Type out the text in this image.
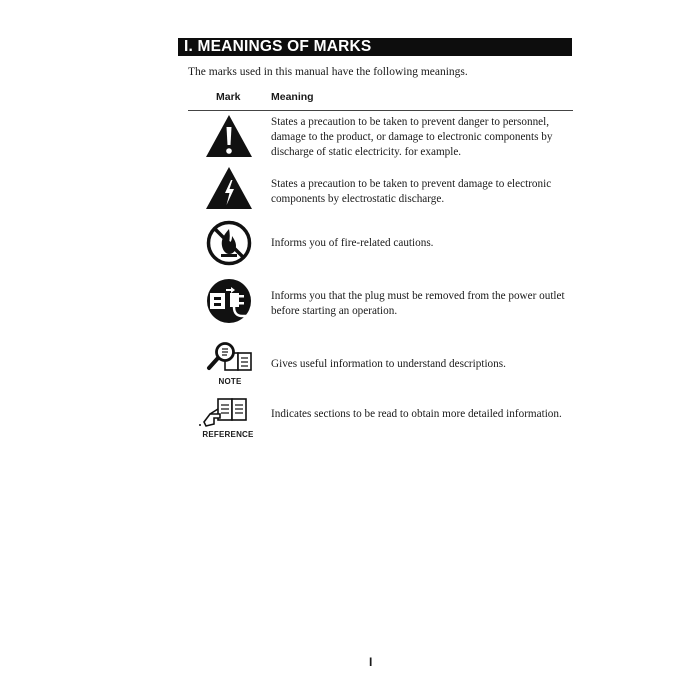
I. MEANINGS OF MARKS
The marks used in this manual have the following meanings.
Mark	Meaning
States a precaution to be taken to prevent danger to personnel, damage to the product, or damage to electronic components by discharge of static electricity. for example.
States a precaution to be taken to prevent damage to electronic components by electrostatic discharge.
Informs you of fire-related cautions.
Informs you that the plug must be removed from the power outlet before starting an operation.
NOTE
Gives useful information to understand descriptions.
REFERENCE
Indicates sections to be read to obtain more detailed information.
I
